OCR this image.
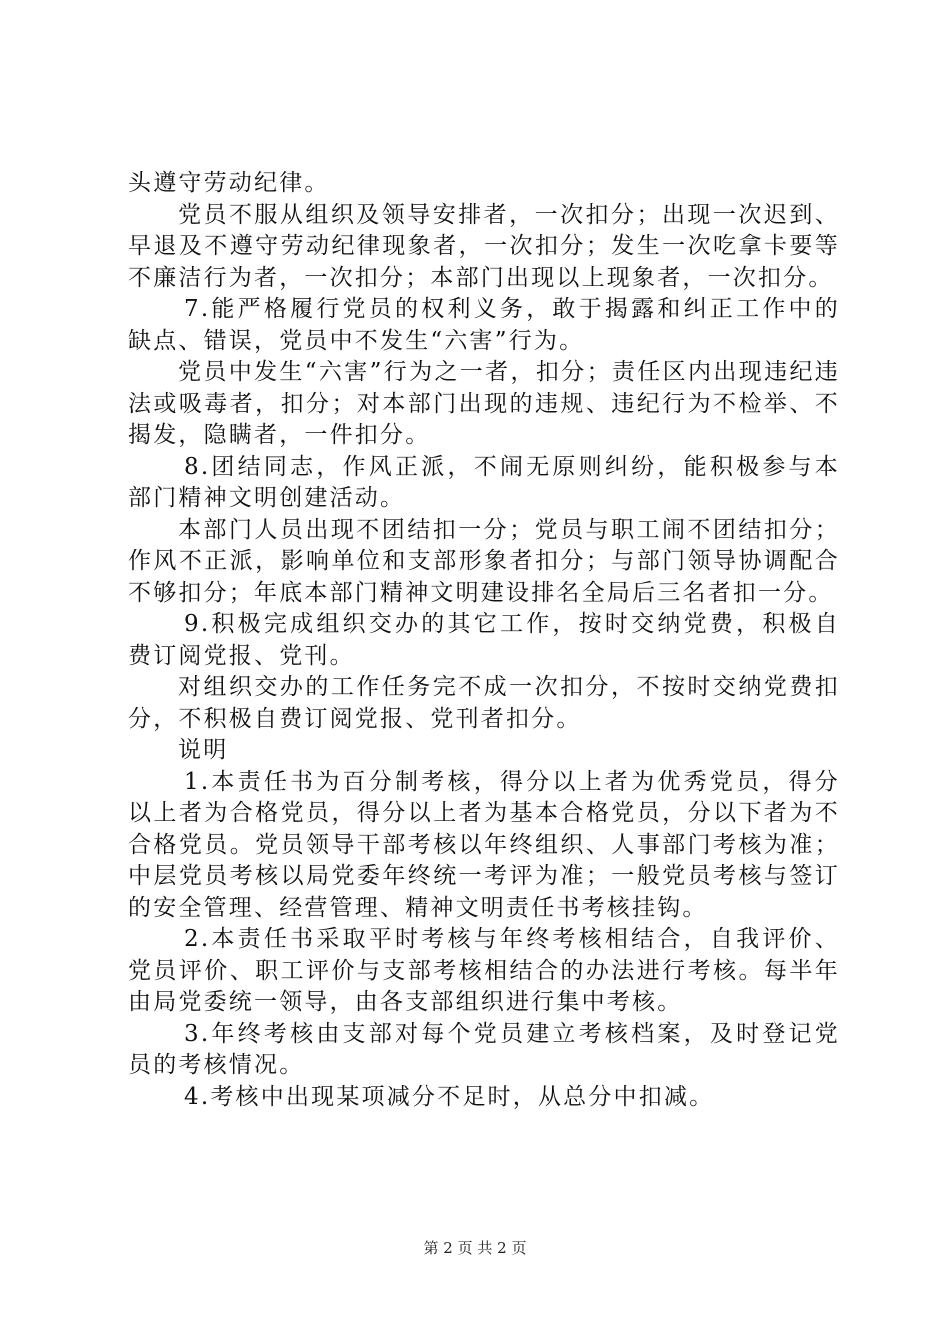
头遵守劳动纪律。

党员不服从组织及领导安排者，一次扣分；出现一次迟到、早退及不遵守劳动纪律现象者，一次扣分；发生一次吃拿卡要等不廉洁行为者，一次扣分；本部门出现以上现象者，一次扣分。

7.能严格履行党员的权利义务，敢于揭露和纠正工作中的缺点、错误，党员中不发生“六害”行为。

党员中发生“六害”行为之一者，扣分；责任区内出现违纪违法或吸毒者，扣分；对本部门出现的违规、违纪行为不检举、不揭发，隐瞒者，一件扣分。

8.团结同志，作风正派，不闹无原则纠纷，能积极参与本部门精神文明创建活动。

本部门人员出现不团结扣一分；党员与职工闹不团结扣分；作风不正派，影响单位和支部形象者扣分；与部门领导协调配合不够扣分；年底本部门精神文明建设排名全局后三名者扣一分。

9.积极完成组织交办的其它工作，按时交纳党费，积极自费订阅党报、党刊。

对组织交办的工作任务完不成一次扣分，不按时交纳党费扣分，不积极自费订阅党报、党刊者扣分。

说明

1.本责任书为百分制考核，得分以上者为优秀党员，得分以上者为合格党员，得分以上者为基本合格党员，分以下者为不合格党员。党员领导干部考核以年终组织、人事部门考核为准；中层党员考核以局党委年终统一考评为准；一般党员考核与签订的安全管理、经营管理、精神文明责任书考核挂钩。

2.本责任书采取平时考核与年终考核相结合，自我评价、党员评价、职工评价与支部考核相结合的办法进行考核。每半年由局党委统一领导，由各支部组织进行集中考核。

3.年终考核由支部对每个党员建立考核档案，及时登记党员的考核情况。

4.考核中出现某项减分不足时，从总分中扣减。

第 2 页 共 2 页
